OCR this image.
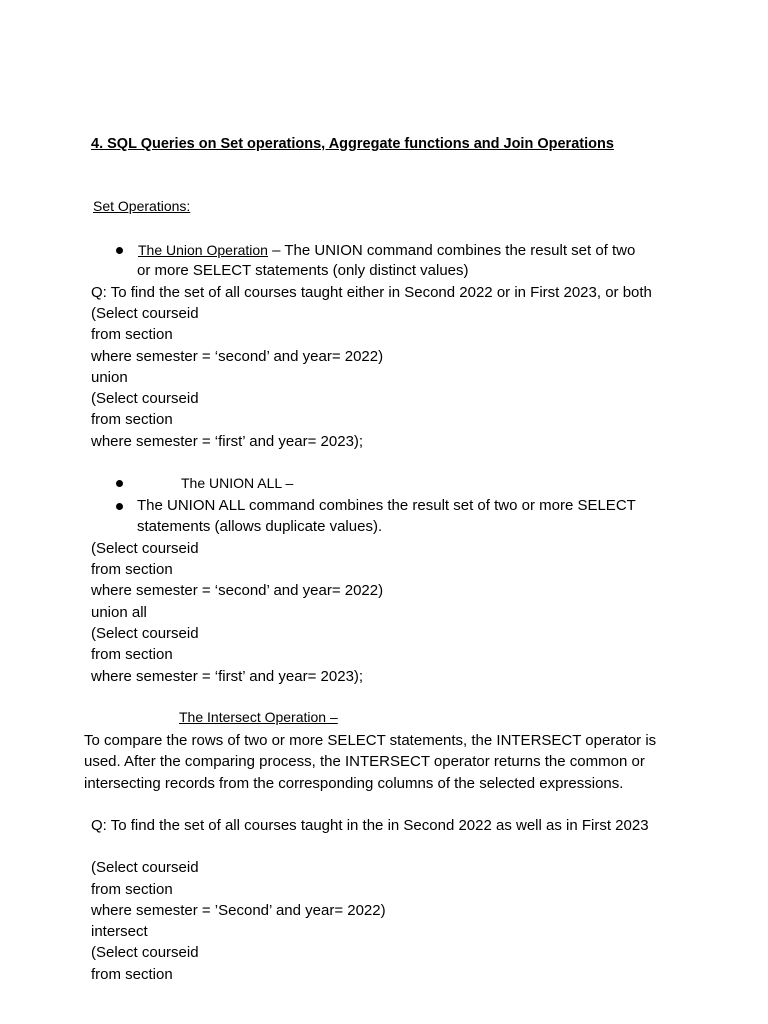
4. SQL Queries on Set operations, Aggregate functions and Join Operations

Set Operations:

The Union Operation – The UNION command combines the result set of two

or more SELECT statements (only distinct values)

Q: To find the set of all courses taught either in Second 2022 or in First 2023, or both

(Select courseid

from section

where semester = ‘second’ and year= 2022)

union

(Select courseid

from section

where semester = ‘first’ and year= 2023);

The UNION ALL –

The UNION ALL command combines the result set of two or more SELECT

statements (allows duplicate values).

(Select courseid

from section

where semester = ‘second’ and year= 2022)

union all

(Select courseid

from section

where semester = ‘first’ and year= 2023);

The Intersect Operation –

To compare the rows of two or more SELECT statements, the INTERSECT operator is

used. After the comparing process, the INTERSECT operator returns the common or

intersecting records from the corresponding columns of the selected expressions.

Q: To find the set of all courses taught in the in Second 2022 as well as in First 2023

(Select courseid

from section

where semester = ’Second’ and year= 2022)

intersect

(Select courseid

from section
